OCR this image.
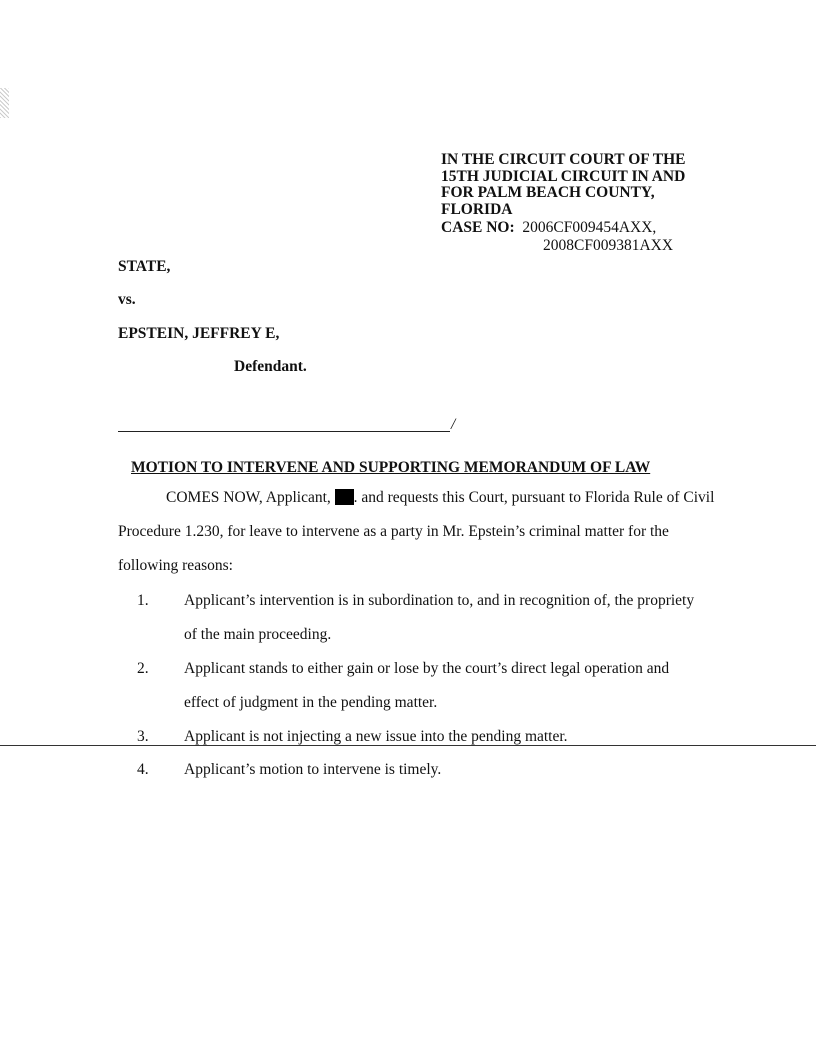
IN THE CIRCUIT COURT OF THE
15TH JUDICIAL CIRCUIT IN AND
FOR PALM BEACH COUNTY,
FLORIDA
CASE NO: 2006CF009454AXX,
2008CF009381AXX
STATE,
vs.
EPSTEIN, JEFFREY E,
Defendant.
/
MOTION TO INTERVENE AND SUPPORTING MEMORANDUM OF LAW
COMES NOW, Applicant, . and requests this Court, pursuant to Florida Rule of Civil
Procedure 1.230, for leave to intervene as a party in Mr. Epstein’s criminal matter for the
following reasons:
1. Applicant’s intervention is in subordination to, and in recognition of, the propriety
of the main proceeding.
2. Applicant stands to either gain or lose by the court’s direct legal operation and
effect of judgment in the pending matter.
3. Applicant is not injecting a new issue into the pending matter.
4. Applicant’s motion to intervene is timely.
